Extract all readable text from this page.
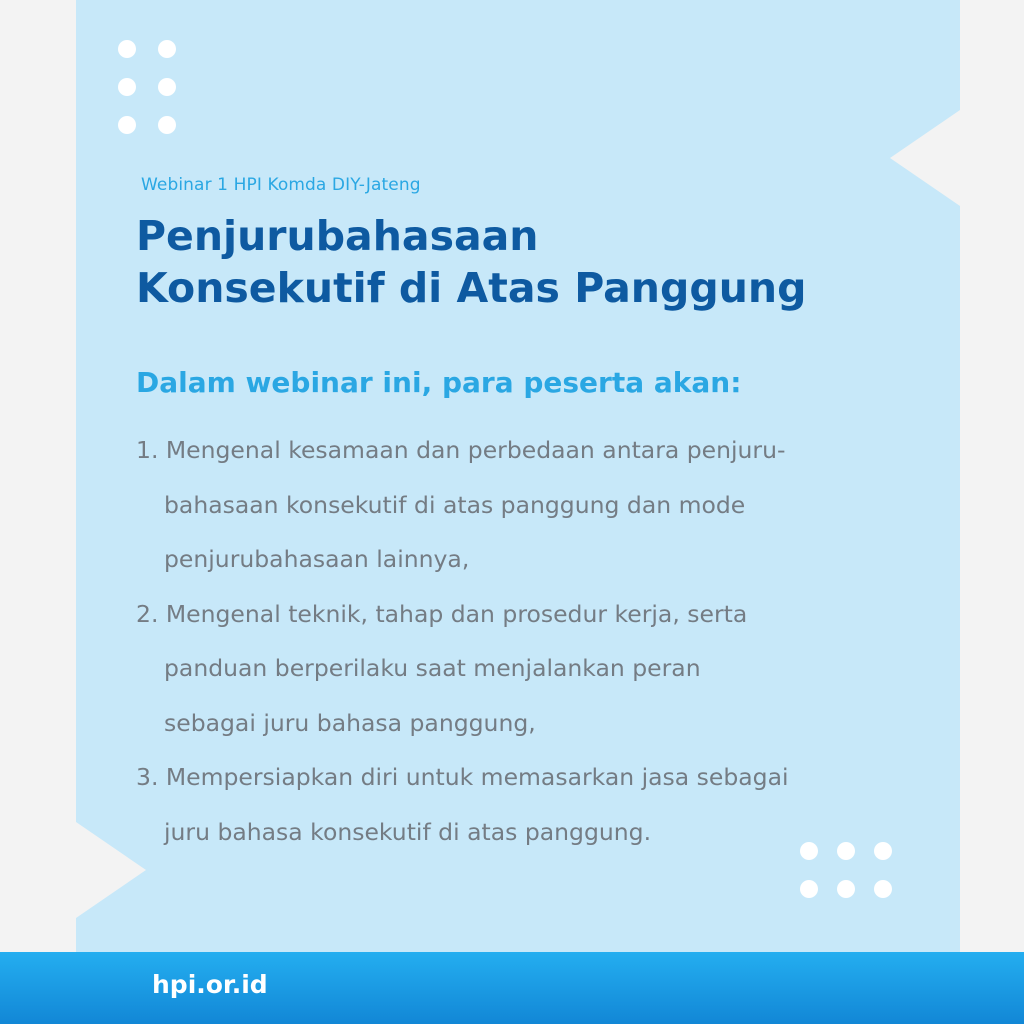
Webinar 1 HPI Komda DIY-Jateng
Penjurubahasaan
Konsekutif di Atas Panggung
Dalam webinar ini, para peserta akan:
1. Mengenal kesamaan dan perbedaan antara penjuru-
bahasaan konsekutif di atas panggung dan mode
penjurubahasaan lainnya,
2. Mengenal teknik, tahap dan prosedur kerja, serta
panduan berperilaku saat menjalankan peran
sebagai juru bahasa panggung,
3. Mempersiapkan diri untuk memasarkan jasa sebagai
juru bahasa konsekutif di atas panggung.
hpi.or.id
